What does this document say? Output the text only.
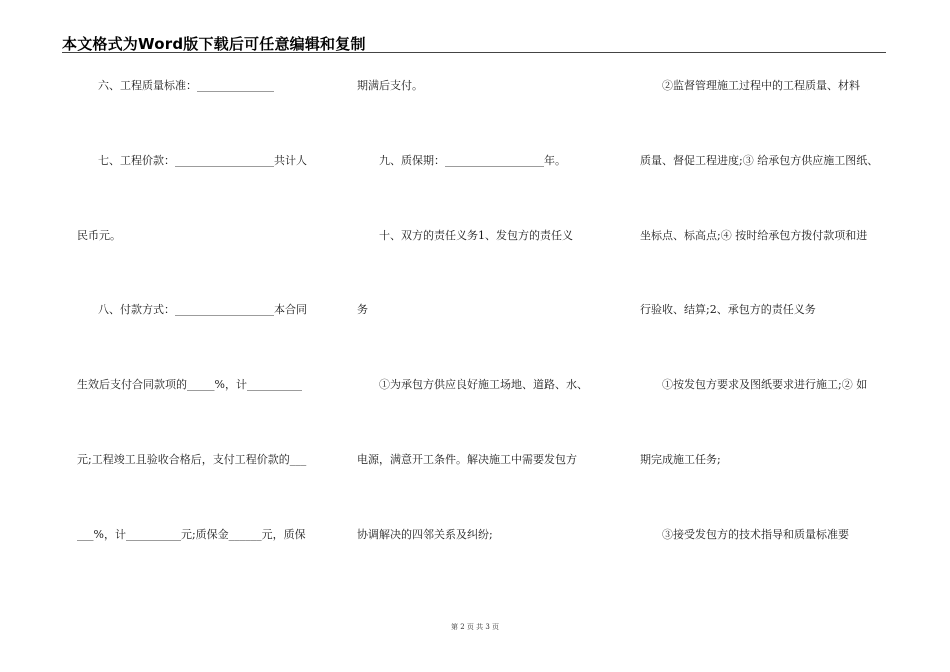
本文格式为Word版下载后可任意编辑和复制
六、工程质量标准：______________
七、工程价款：__________________共计人
民币元。
八、付款方式：__________________本合同
生效后支付合同款项的_____%，计__________
元;工程竣工且验收合格后，支付工程价款的___
___%，计__________元;质保金______元，质保
期满后支付。
九、质保期：__________________年。
十、双方的责任义务1、发包方的责任义
务
①为承包方供应良好施工场地、道路、水、
电源，满意开工条件。解决施工中需要发包方
协调解决的四邻关系及纠纷;
②监督管理施工过程中的工程质量、材料
质量、督促工程进度;③ 给承包方供应施工图纸、
坐标点、标高点;④ 按时给承包方拨付款项和进
行验收、结算;2、承包方的责任义务
①按发包方要求及图纸要求进行施工;② 如
期完成施工任务;
③接受发包方的技术指导和质量标准要
第 2 页 共 3 页
